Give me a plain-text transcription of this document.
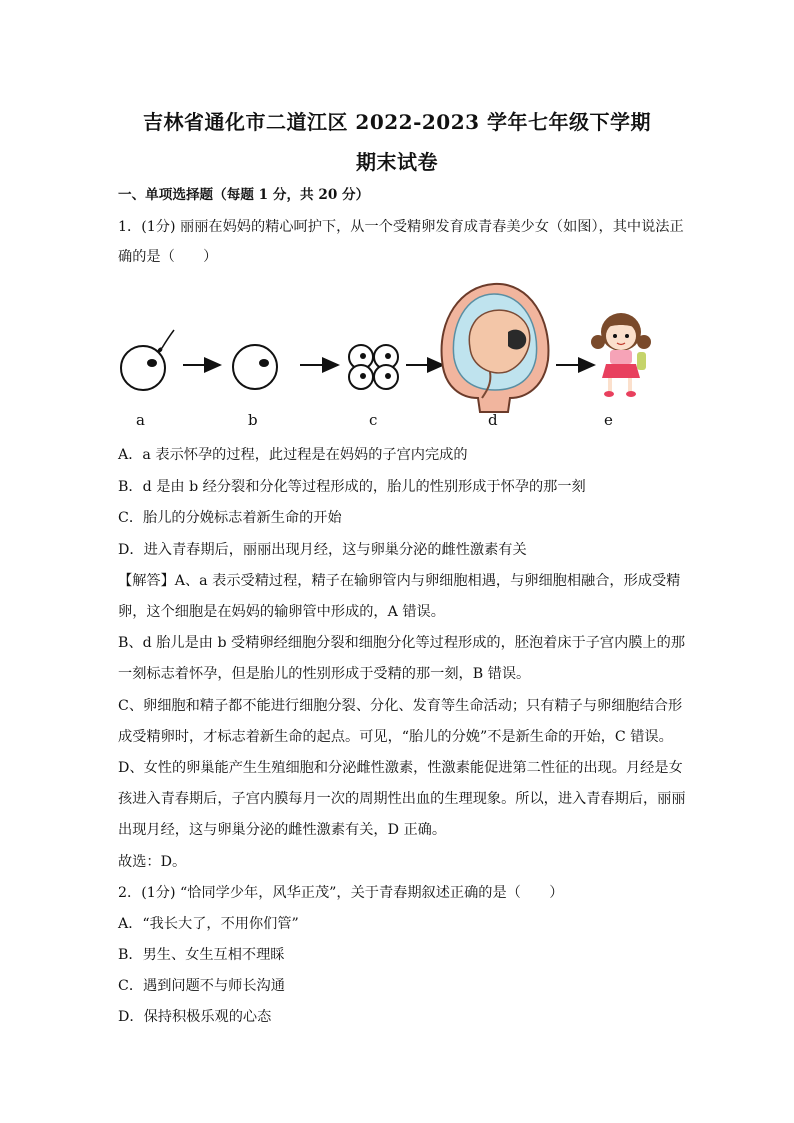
吉林省通化市二道江区 2022-2023 学年七年级下学期
期末试卷
一、单项选择题（每题 1 分，共 20 分）
1．(1分) 丽丽在妈妈的精心呵护下，从一个受精卵发育成青春美少女（如图），其中说法正
确的是（　　）
a	b	c	d	e
A．a 表示怀孕的过程，此过程是在妈妈的子宫内完成的
B．d 是由 b 经分裂和分化等过程形成的，胎儿的性别形成于怀孕的那一刻
C．胎儿的分娩标志着新生命的开始
D．进入青春期后，丽丽出现月经，这与卵巢分泌的雌性激素有关
【解答】A、a 表示受精过程，精子在输卵管内与卵细胞相遇，与卵细胞相融合，形成受精
卵，这个细胞是在妈妈的输卵管中形成的，A 错误。
B、d 胎儿是由 b 受精卵经细胞分裂和细胞分化等过程形成的，胚泡着床于子宫内膜上的那
一刻标志着怀孕，但是胎儿的性别形成于受精的那一刻，B 错误。
C、卵细胞和精子都不能进行细胞分裂、分化、发育等生命活动；只有精子与卵细胞结合形
成受精卵时，才标志着新生命的起点。可见，“胎儿的分娩”不是新生命的开始，C 错误。
D、女性的卵巢能产生生殖细胞和分泌雌性激素，性激素能促进第二性征的出现。月经是女
孩进入青春期后，子宫内膜每月一次的周期性出血的生理现象。所以，进入青春期后，丽丽
出现月经，这与卵巢分泌的雌性激素有关，D 正确。
故选：D。
2．(1分) “恰同学少年，风华正茂”，关于青春期叙述正确的是（　　）
A．“我长大了，不用你们管”
B．男生、女生互相不理睬
C．遇到问题不与师长沟通
D．保持积极乐观的心态
